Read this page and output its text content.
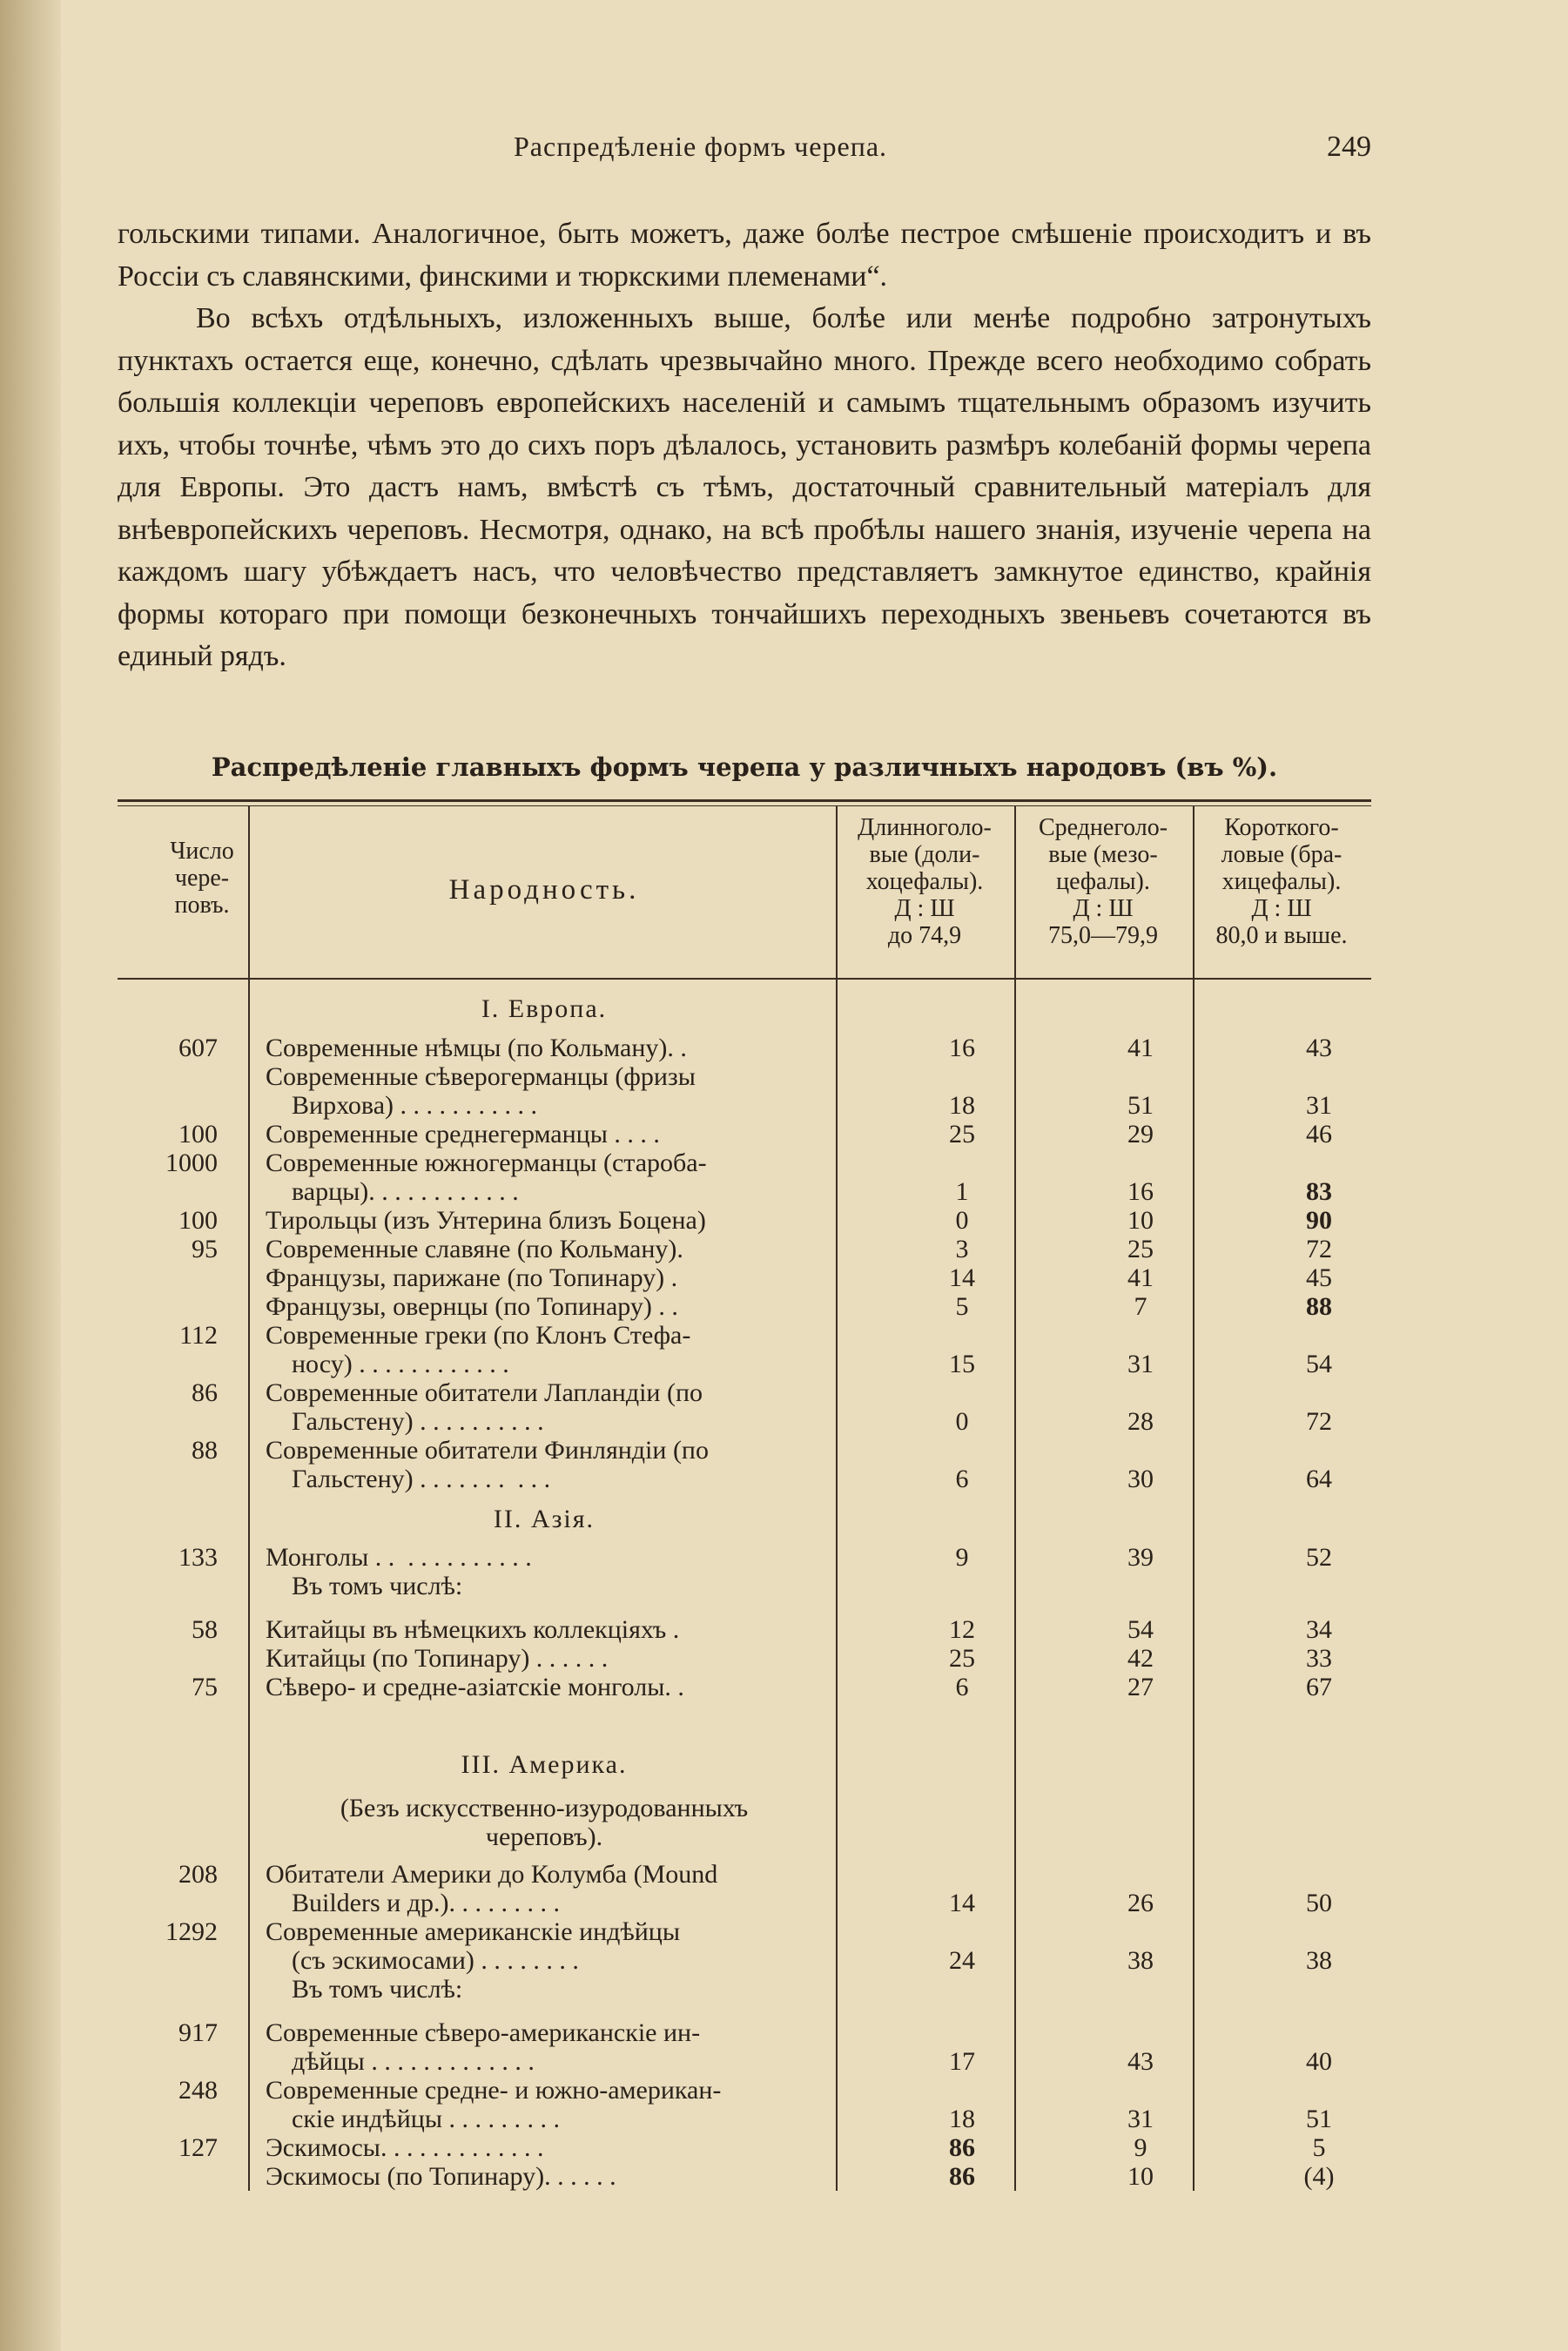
Распредѣленіе формъ черепа.	249

гольскими типами. Аналогичное, быть можетъ, даже болѣе пестрое смѣшеніе происходитъ и въ Россіи съ славянскими, финскими и тюркскими племенами“.

Во всѣхъ отдѣльныхъ, изложенныхъ выше, болѣе или менѣе подробно затронутыхъ пунктахъ остается еще, конечно, сдѣлать чрезвычайно много. Прежде всего необходимо собрать большія коллекціи череповъ европейскихъ населеній и самымъ тщательнымъ образомъ изучить ихъ, чтобы точнѣе, чѣмъ это до сихъ поръ дѣлалось, установить размѣръ колебаній формы черепа для Европы. Это дастъ намъ, вмѣстѣ съ тѣмъ, достаточный сравнительный матеріалъ для внѣевропейскихъ череповъ. Несмотря, однако, на всѣ пробѣлы нашего знанія, изученіе черепа на каждомъ шагу убѣждаетъ насъ, что человѣчество представляетъ замкнутое единство, крайнія формы котораго при помощи безконечныхъ тончайшихъ переходныхъ звеньевъ сочетаются въ единый рядъ.

Распредѣленіе главныхъ формъ черепа у различныхъ народовъ (въ %).
Число
чере-
повъ.	Народность.
Длинноголо-
вые (доли-
хоцефалы).
Д : Ш
до 74,9
Среднеголо-
вые (мезо-
цефалы).
Д : Ш
75,0—79,9
Короткого-
ловые (бра-
хицефалы).
Д : Ш
80,0 и выше.
I. Европа.
II. Азія.
III. Америка.
(Безъ искусственно-изуродованныхъ
череповъ).
607 Современные нѣмцы (по Кольману). .	16	41	43
Современные сѣверогерманцы (фризы
Вирхова) . . . . . . . . . . .	18	51	31
100 Современные среднегерманцы . . . .	25	29	46
1000 Современные южногерманцы (староба-
варцы). . . . . . . . . . . .	1	16	83
100 Тирольцы (изъ Унтерина близъ Боцена)	0	10	90
95 Современные славяне (по Кольману).	3	25	72
Французы, парижане (по Топинару) .	14	41	45
Французы, овернцы (по Топинару) . .	5	7	88
112 Современные греки (по Клонъ Стефа-
носу) . . . . . . . . . . . .	15	31	54
86 Современные обитатели Лапландіи (по
Гальстену) . . . . . . . . . .	0	28	72
88 Современные обитатели Финляндіи (по
Гальстену) . . . . . . .  . . .	6	30	64
133 Монголы . .  . . . . . . . . . .	9	39	52
Въ томъ числѣ:
58 Китайцы въ нѣмецкихъ коллекціяхъ .	12	54	34
Китайцы (по Топинару) . . . . . .	25	42	33
75 Сѣверо- и средне-азіатскіе монголы. .	6	27	67
208 Обитатели Америки до Колумба (Mound
Builders и др.). . . . . . . . .	14	26	50
1292 Современные американскіе индѣйцы
(съ эскимосами) . . . . . . . .	24	38	38
Въ томъ числѣ:
917 Современные сѣверо-американскіе ин-
дѣйцы . . . . . . . . . . . . .	17	43	40
248 Современные средне- и южно-американ-
скіе индѣйцы . . . . . . . . .	18	31	51
127 Эскимосы. . . . . . . . . . . . .	86	9	5
Эскимосы (по Топинару). . . . . .	86	10	(4)
